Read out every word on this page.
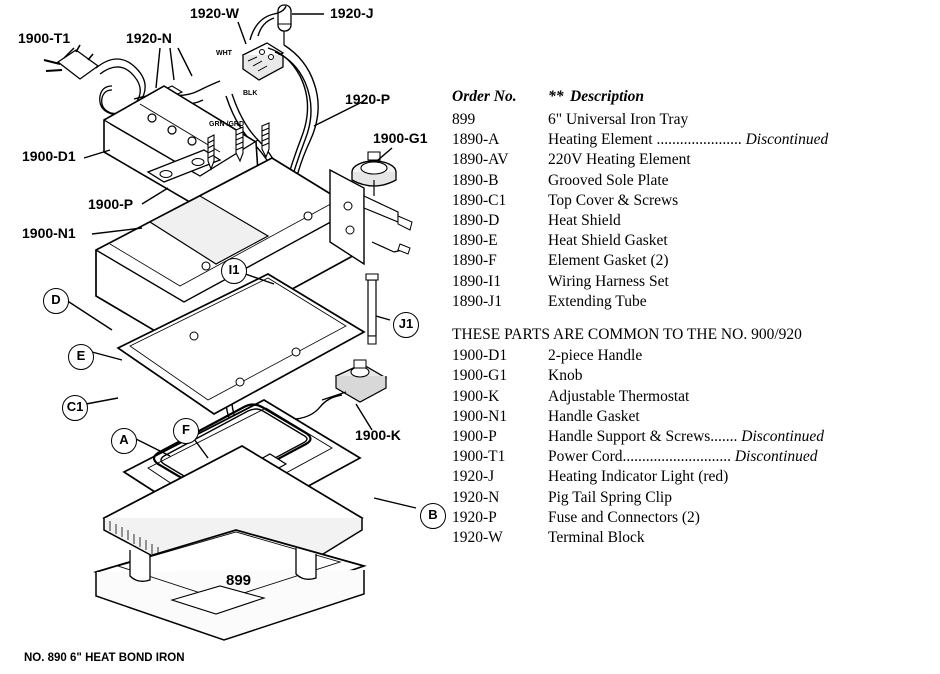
1900-T1	1920-N
1920-W	1920-J
1920-P
1900-G1
1900-D1
1900-P
1900-N1
1900-K
899
D
E
C1
A
F
B
I1
J1
WHT
BLK
GRN /GRD
Order No.	** Description
899	6" Universal Iron Tray
1890-A	Heating Element ...................... Discontinued
1890-AV	220V Heating Element
1890-B	Grooved Sole Plate
1890-C1	Top Cover & Screws
1890-D	Heat Shield
1890-E	Heat Shield Gasket
1890-F	Element Gasket (2)
1890-I1	Wiring Harness Set
1890-J1	Extending Tube
THESE PARTS ARE COMMON TO THE NO. 900/920
1900-D1	2-piece Handle
1900-G1	Knob
1900-K	Adjustable Thermostat
1900-N1	Handle Gasket
1900-P	Handle Support & Screws....... Discontinued
1900-T1	Power Cord............................ Discontinued
1920-J	Heating Indicator Light (red)
1920-N	Pig Tail Spring Clip
1920-P	Fuse and Connectors (2)
1920-W	Terminal Block
NO. 890 6" HEAT BOND IRON
